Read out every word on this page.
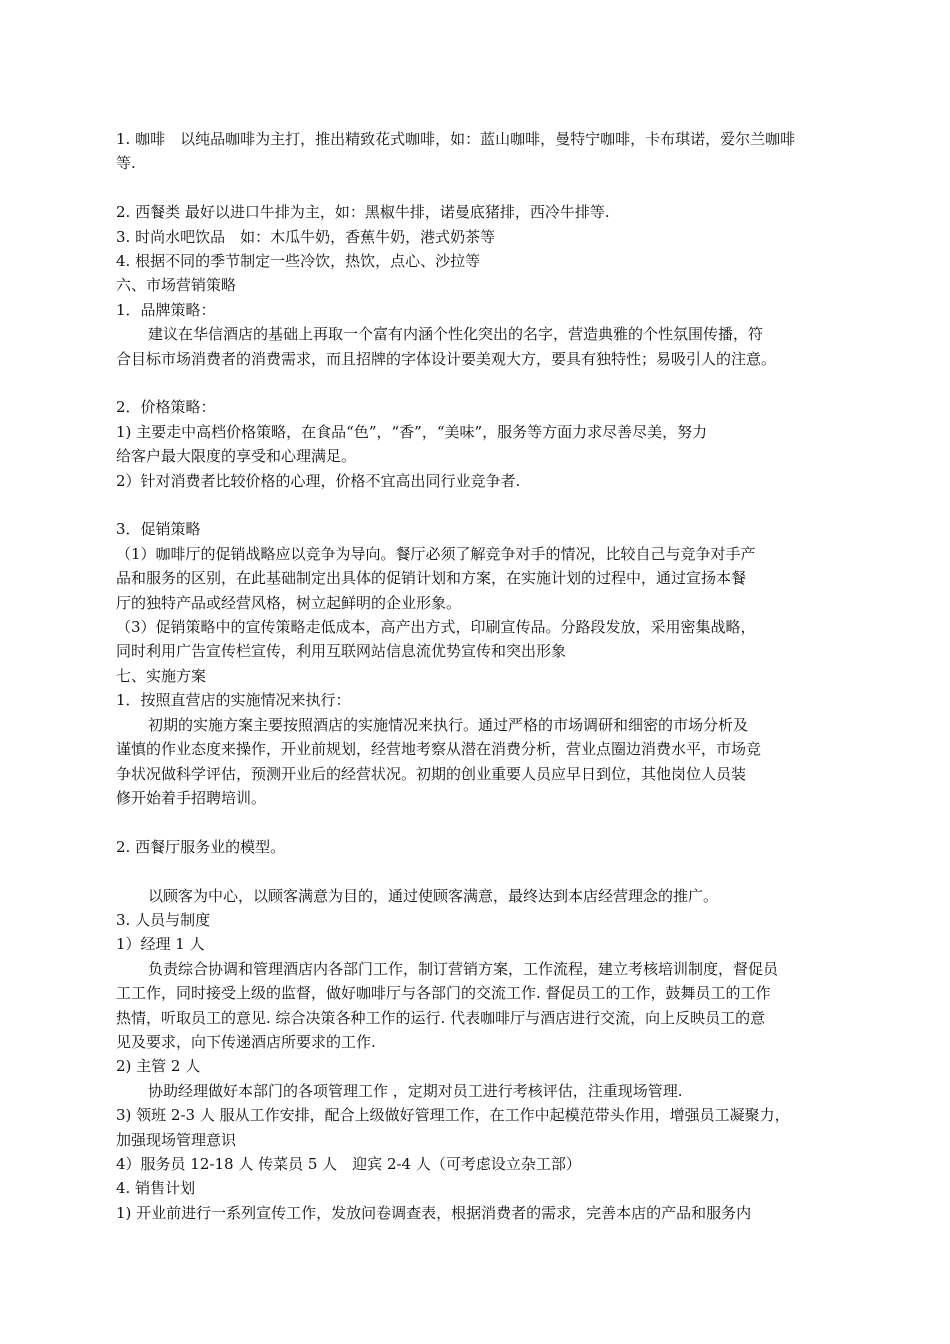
1. 咖啡　以纯品咖啡为主打，推出精致花式咖啡，如：蓝山咖啡，曼特宁咖啡，卡布琪诺，爱尔兰咖啡
等.
2. 西餐类 最好以进口牛排为主，如：黑椒牛排，诺曼底猪排，西冷牛排等.
3. 时尚水吧饮品　如：木瓜牛奶，香蕉牛奶，港式奶茶等
4. 根据不同的季节制定一些冷饮，热饮，点心、沙拉等
六、市场营销策略
1．品牌策略：
建议在华信酒店的基础上再取一个富有内涵个性化突出的名字，营造典雅的个性氛围传播，符
合目标市场消费者的消费需求，而且招牌的字体设计要美观大方，要具有独特性；易吸引人的注意。
2．价格策略：
1) 主要走中高档价格策略，在食品“色”，“香”，“美味”，服务等方面力求尽善尽美，努力
给客户最大限度的享受和心理满足。
2）针对消费者比较价格的心理，价格不宜高出同行业竞争者.
3．促销策略
（1）咖啡厅的促销战略应以竞争为导向。餐厅必须了解竞争对手的情况，比较自己与竞争对手产
品和服务的区别，在此基础制定出具体的促销计划和方案，在实施计划的过程中，通过宣扬本餐
厅的独特产品或经营风格，树立起鲜明的企业形象。
（3）促销策略中的宣传策略走低成本，高产出方式，印刷宣传品。分路段发放，采用密集战略，
同时利用广告宣传栏宣传，利用互联网站信息流优势宣传和突出形象
七、实施方案
1．按照直营店的实施情况来执行：
初期的实施方案主要按照酒店的实施情况来执行。通过严格的市场调研和细密的市场分析及
谨慎的作业态度来操作，开业前规划，经营地考察从潜在消费分析，营业点圈边消费水平，市场竞
争状况做科学评估，预测开业后的经营状况。初期的创业重要人员应早日到位，其他岗位人员装
修开始着手招聘培训。
2. 西餐厅服务业的模型。
以顾客为中心，以顾客满意为目的，通过使顾客满意，最终达到本店经营理念的推广。
3. 人员与制度
1）经理 1 人
负责综合协调和管理酒店内各部门工作，制订营销方案，工作流程，建立考核培训制度，督促员
工工作，同时接受上级的监督，做好咖啡厅与各部门的交流工作. 督促员工的工作，鼓舞员工的工作
热情，听取员工的意见. 综合决策各种工作的运行. 代表咖啡厅与酒店进行交流，向上反映员工的意
见及要求，向下传递酒店所要求的工作.
2) 主管 2 人
协助经理做好本部门的各项管理工作 ，定期对员工进行考核评估，注重现场管理.
3) 领班 2-3 人 服从工作安排，配合上级做好管理工作，在工作中起模范带头作用，增强员工凝聚力，
加强现场管理意识
4）服务员 12-18 人 传菜员 5 人　迎宾 2-4 人（可考虑设立杂工部）
4. 销售计划
1) 开业前进行一系列宣传工作，发放问卷调查表，根据消费者的需求，完善本店的产品和服务内
